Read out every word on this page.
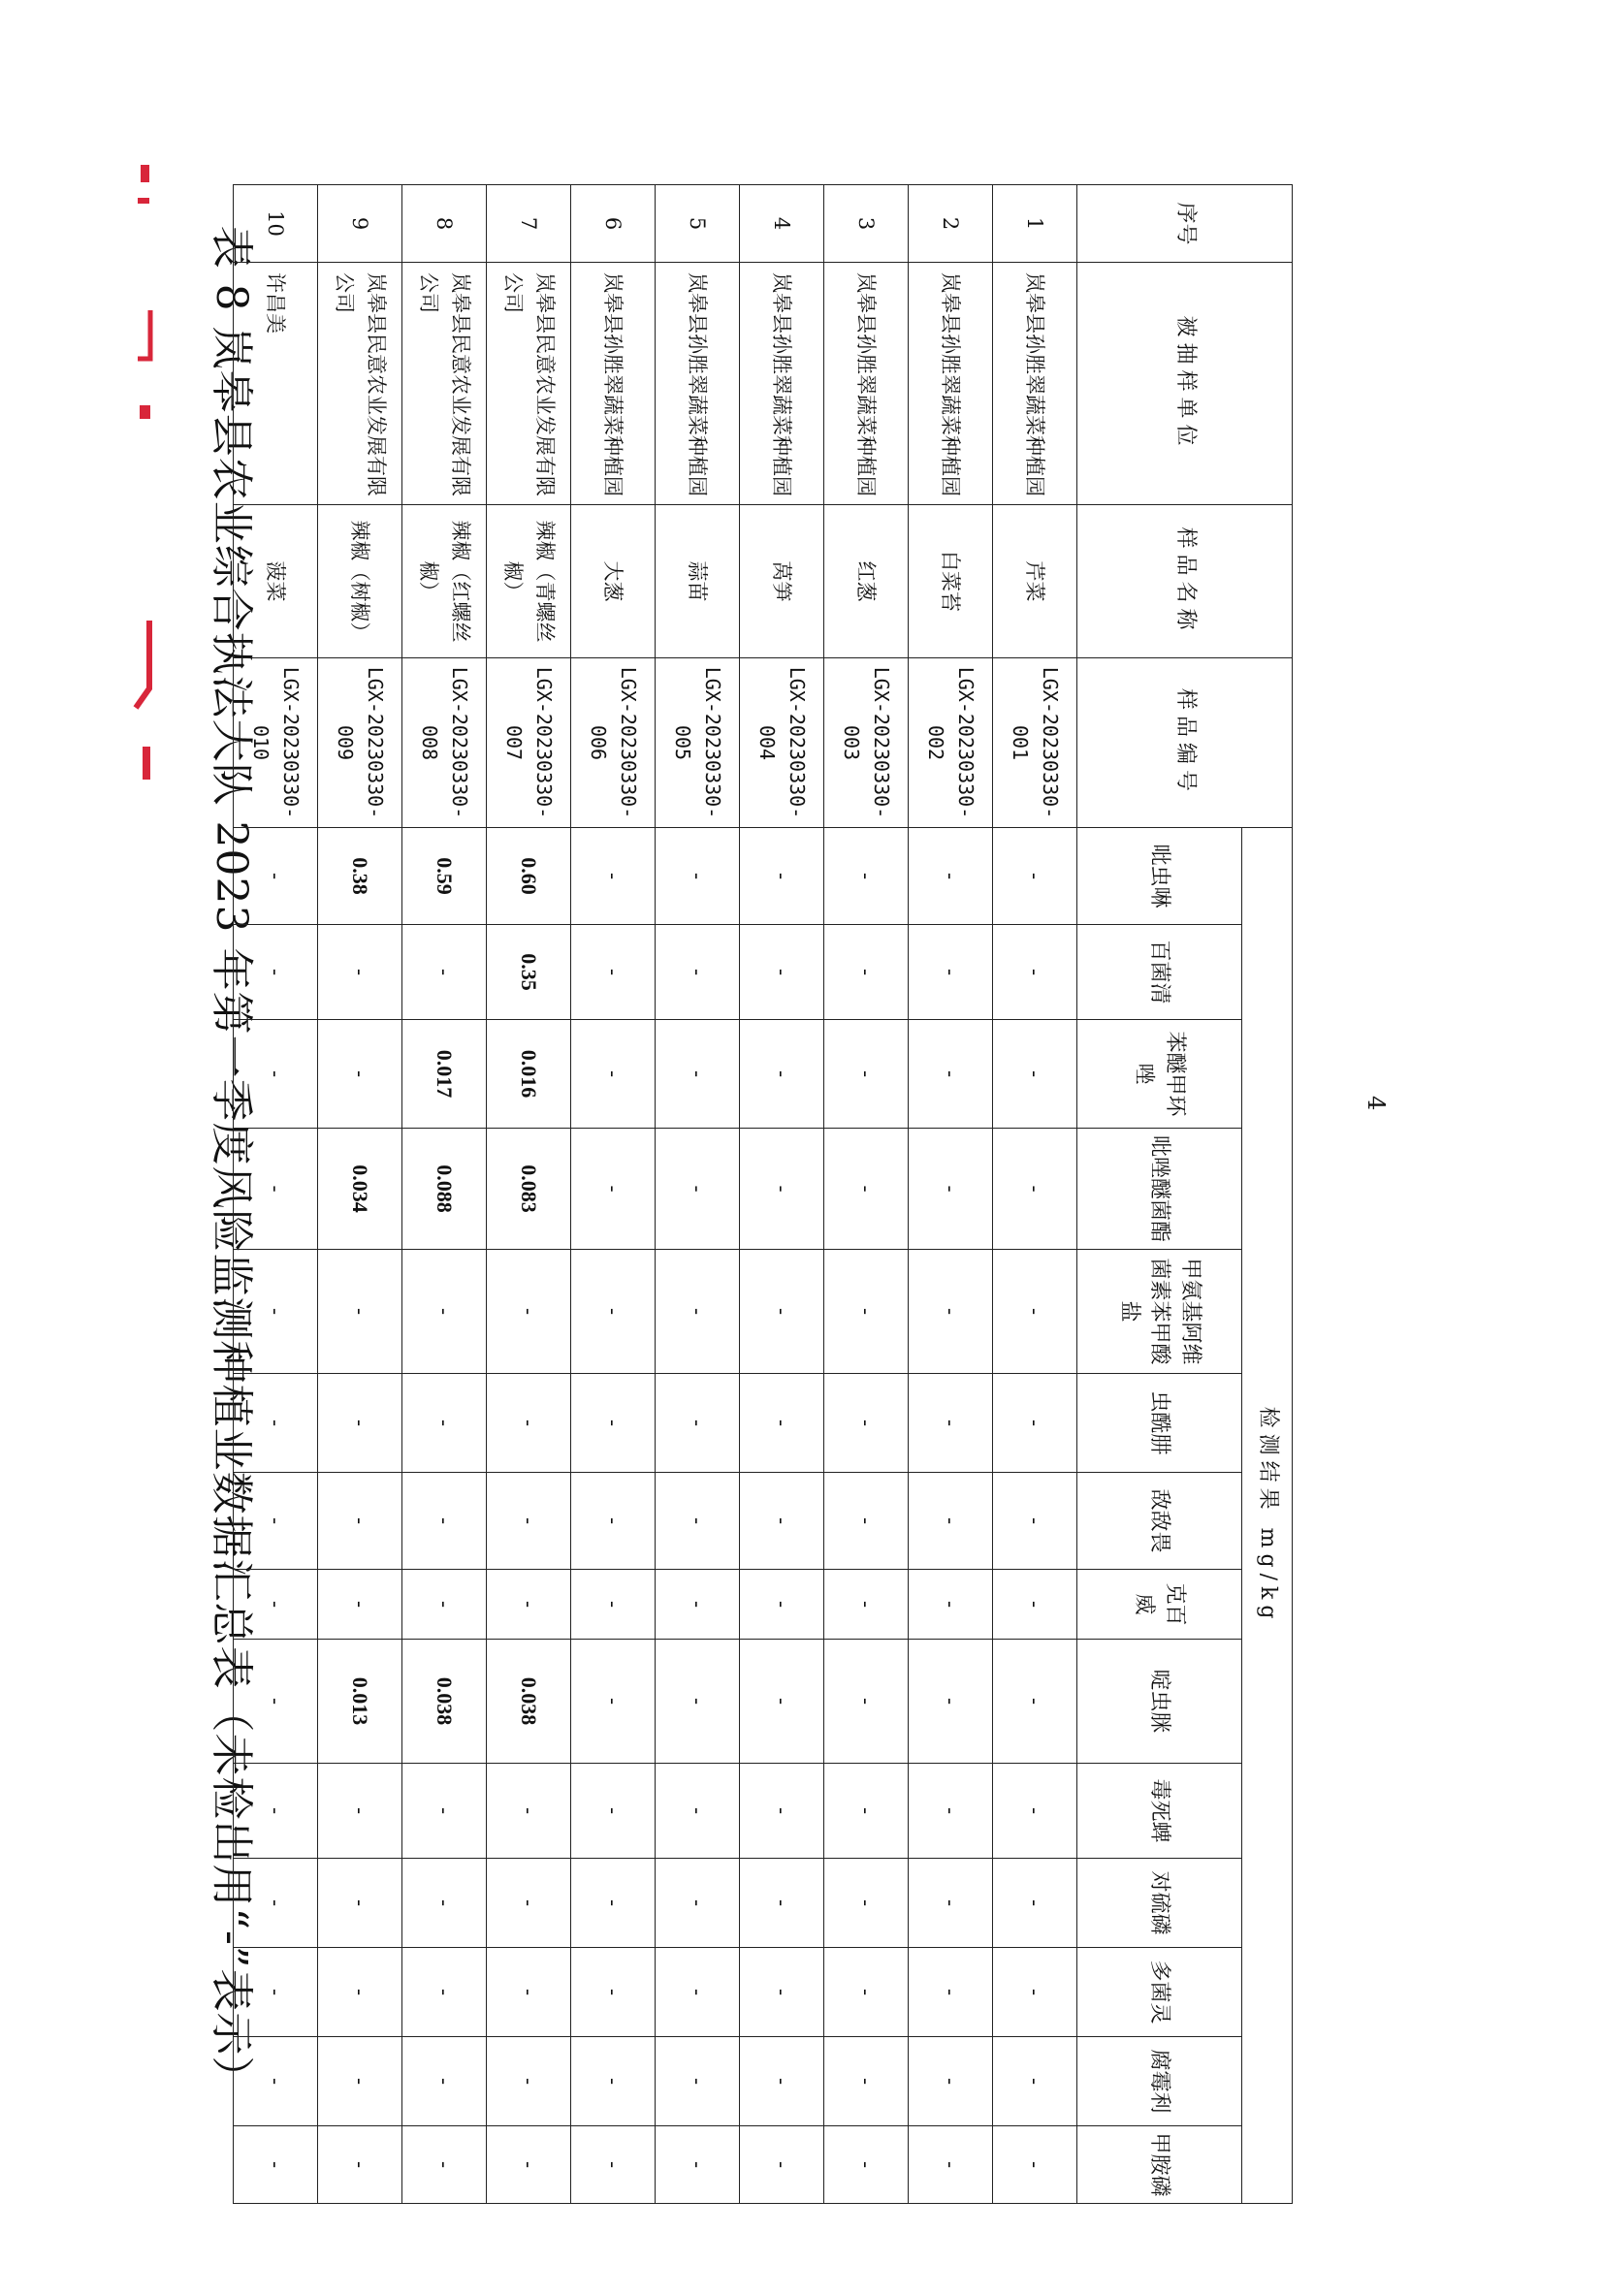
表 8 岚皋县农业综合执法大队 2023 年第一季度风险监测种植业数据汇总表（未检出用“-”表示）
序号	被抽样单位	样品名称	样品编号	检测结果 mg/kg													
				吡虫啉	百菌清	苯醚甲环唑	吡唑醚菌酯	甲氨基阿维菌素苯甲酸盐	虫酰肼	敌敌畏	克百威	啶虫脒	毒死蜱	对硫磷	多菌灵	腐霉利	甲胺磷
1	岚皋县孙胜翠蔬菜种植园	芹菜	LGX-20230330-001	-	-	-	-	-	-	-	-	-	-	-	-	-	-
2	岚皋县孙胜翠蔬菜种植园	白菜苔	LGX-20230330-002	-	-	-	-	-	-	-	-	-	-	-	-	-	-
3	岚皋县孙胜翠蔬菜种植园	红葱	LGX-20230330-003	-	-	-	-	-	-	-	-	-	-	-	-	-	-
4	岚皋县孙胜翠蔬菜种植园	莴笋	LGX-20230330-004	-	-	-	-	-	-	-	-	-	-	-	-	-	-
5	岚皋县孙胜翠蔬菜种植园	蒜苗	LGX-20230330-005	-	-	-	-	-	-	-	-	-	-	-	-	-	-
6	岚皋县孙胜翠蔬菜种植园	大葱	LGX-20230330-006	-	-	-	-	-	-	-	-	-	-	-	-	-	-
7	岚皋县民意农业发展有限公司	辣椒（青螺丝椒）	LGX-20230330-007	0.60	0.35	0.016	0.083	-	-	-	-	0.038	-	-	-	-	-
8	岚皋县民意农业发展有限公司	辣椒（红螺丝椒）	LGX-20230330-008	0.59	-	0.017	0.088	-	-	-	-	0.038	-	-	-	-	-
9	岚皋县民意农业发展有限公司	辣椒（树椒）	LGX-20230330-009	0.38	-	-	0.034	-	-	-	-	0.013	-	-	-	-	-
10	许昌美	菠菜	LGX-20230330-010	-	-	-	-	-	-	-	-	-	-	-	-	-	-
4
